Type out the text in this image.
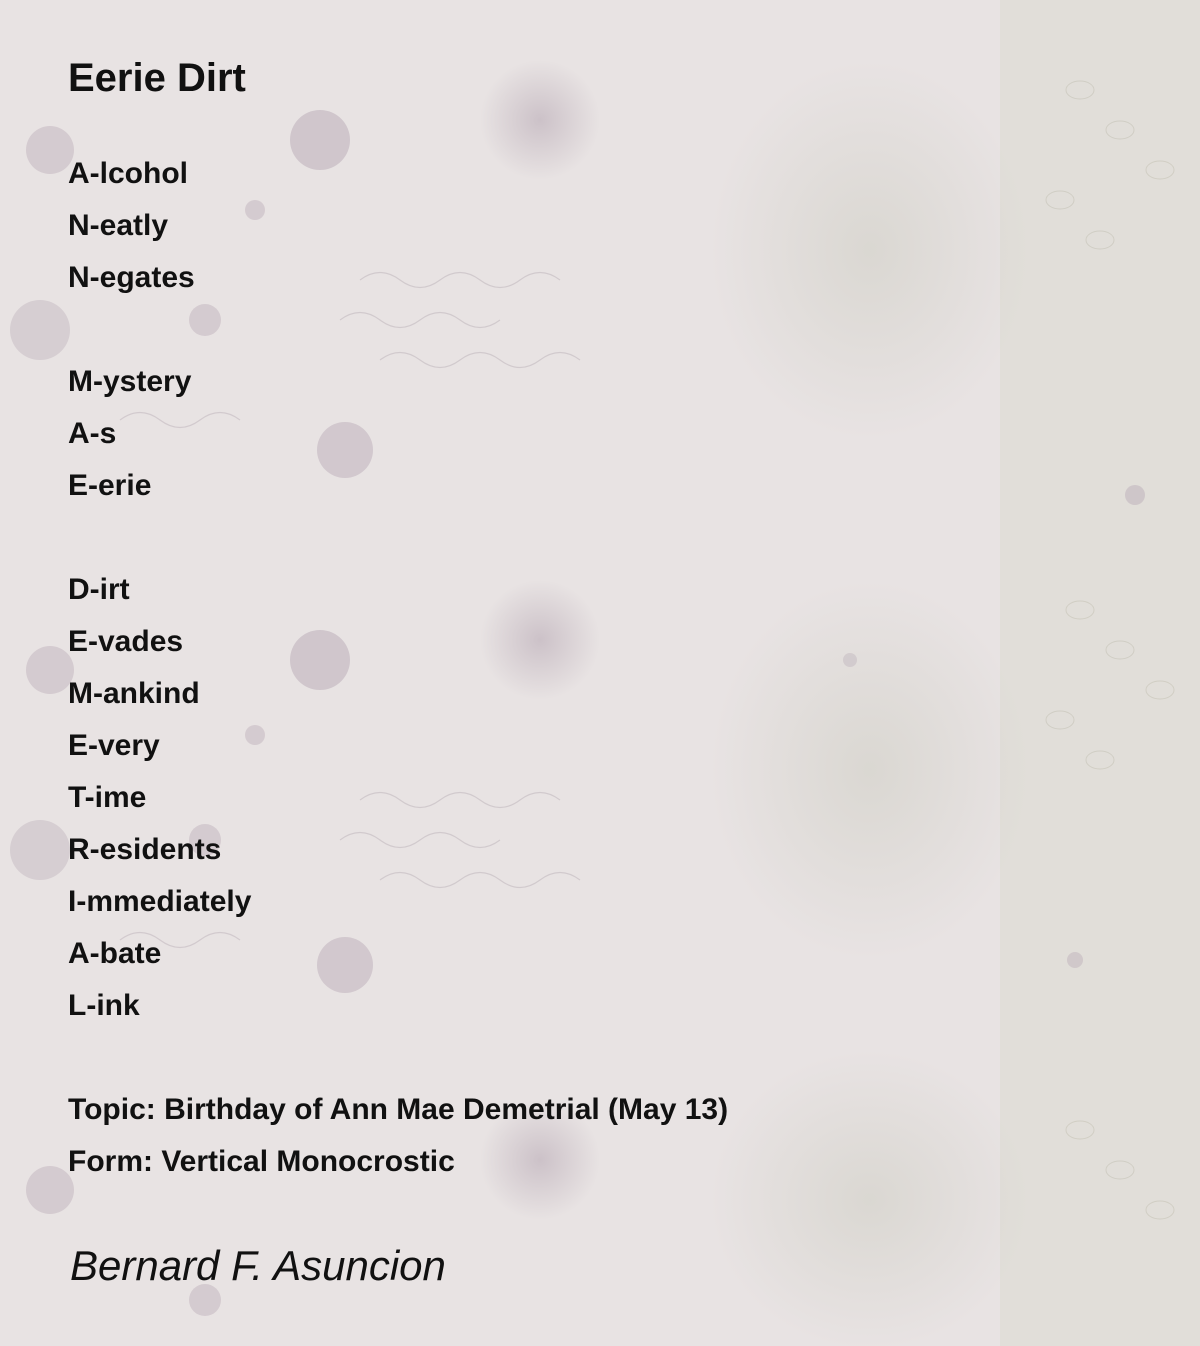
Eerie Dirt
A-lcohol
N-eatly
N-egates
M-ystery
A-s
E-erie
D-irt
E-vades
M-ankind
E-very
T-ime
R-esidents
I-mmediately
A-bate
L-ink
Topic: Birthday of Ann Mae Demetrial (May 13)
Form: Vertical Monocrostic
Bernard F. Asuncion
